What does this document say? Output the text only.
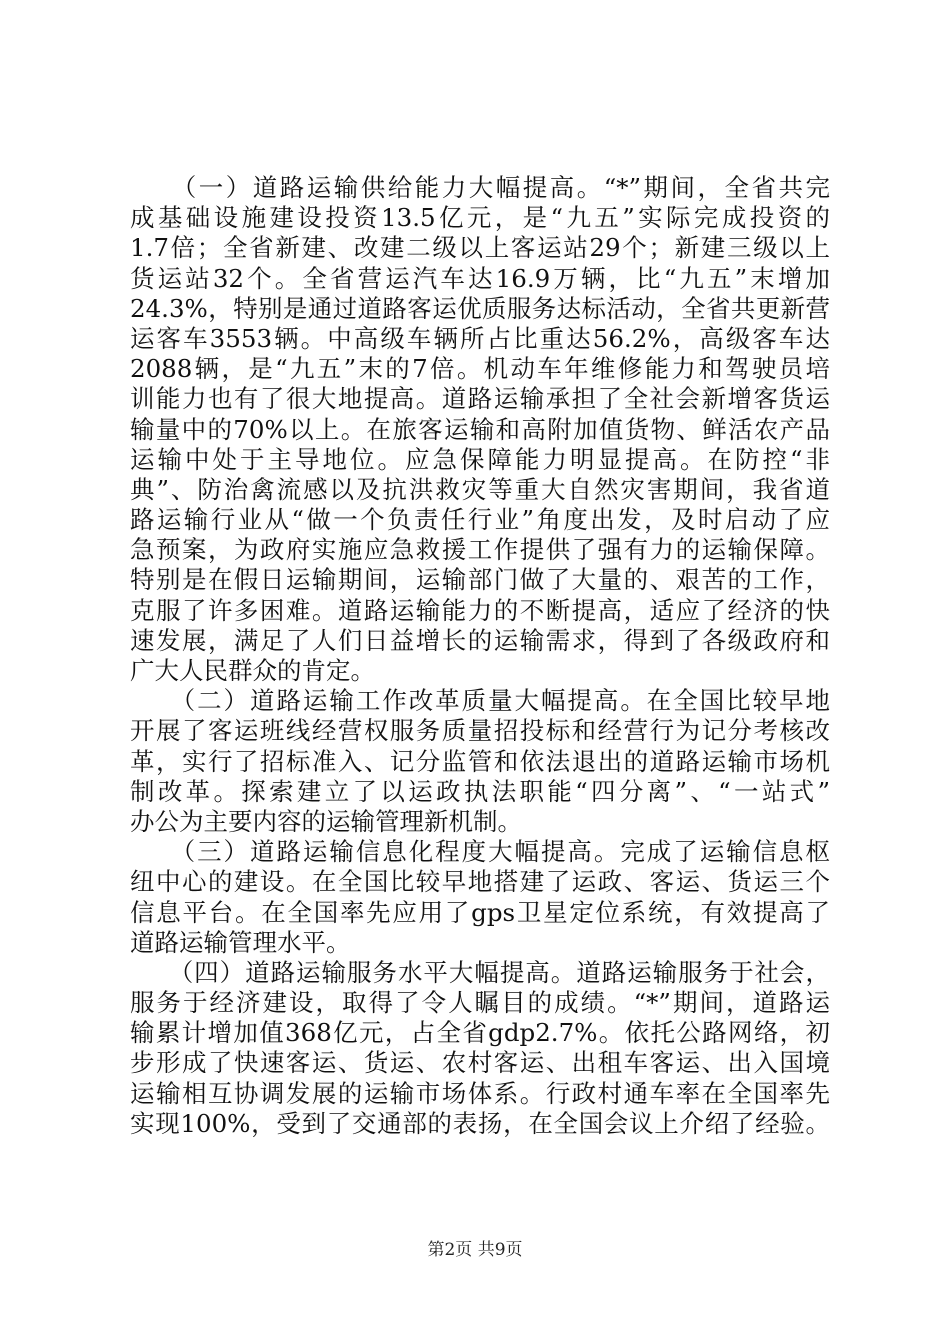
　　（一）道路运输供给能力大幅提高。“*”期间，全省共完
成基础设施建设投资13.5亿元，是“九五”实际完成投资的
1.7倍；全省新建、改建二级以上客运站29个；新建三级以上
货运站32个。全省营运汽车达16.9万辆，比“九五”末增加
24.3%，特别是通过道路客运优质服务达标活动，全省共更新营
运客车3553辆。中高级车辆所占比重达56.2%，高级客车达
2088辆，是“九五”末的7倍。机动车年维修能力和驾驶员培
训能力也有了很大地提高。道路运输承担了全社会新增客货运
输量中的70%以上。在旅客运输和高附加值货物、鲜活农产品
运输中处于主导地位。应急保障能力明显提高。在防控“非
典”、防治禽流感以及抗洪救灾等重大自然灾害期间，我省道
路运输行业从“做一个负责任行业”角度出发，及时启动了应
急预案，为政府实施应急救援工作提供了强有力的运输保障。
特别是在假日运输期间，运输部门做了大量的、艰苦的工作，
克服了许多困难。道路运输能力的不断提高，适应了经济的快
速发展，满足了人们日益增长的运输需求，得到了各级政府和
广大人民群众的肯定。
　　（二）道路运输工作改革质量大幅提高。在全国比较早地
开展了客运班线经营权服务质量招投标和经营行为记分考核改
革，实行了招标准入、记分监管和依法退出的道路运输市场机
制改革。探索建立了以运政执法职能“四分离”、“一站式”
办公为主要内容的运输管理新机制。
　　（三）道路运输信息化程度大幅提高。完成了运输信息枢
纽中心的建设。在全国比较早地搭建了运政、客运、货运三个
信息平台。在全国率先应用了gps卫星定位系统，有效提高了
道路运输管理水平。
　　（四）道路运输服务水平大幅提高。道路运输服务于社会，
服务于经济建设，取得了令人瞩目的成绩。“*”期间，道路运
输累计增加值368亿元，占全省gdp2.7%。依托公路网络，初
步形成了快速客运、货运、农村客运、出租车客运、出入国境
运输相互协调发展的运输市场体系。行政村通车率在全国率先
实现100%，受到了交通部的表扬，在全国会议上介绍了经验。
第2页 共9页
